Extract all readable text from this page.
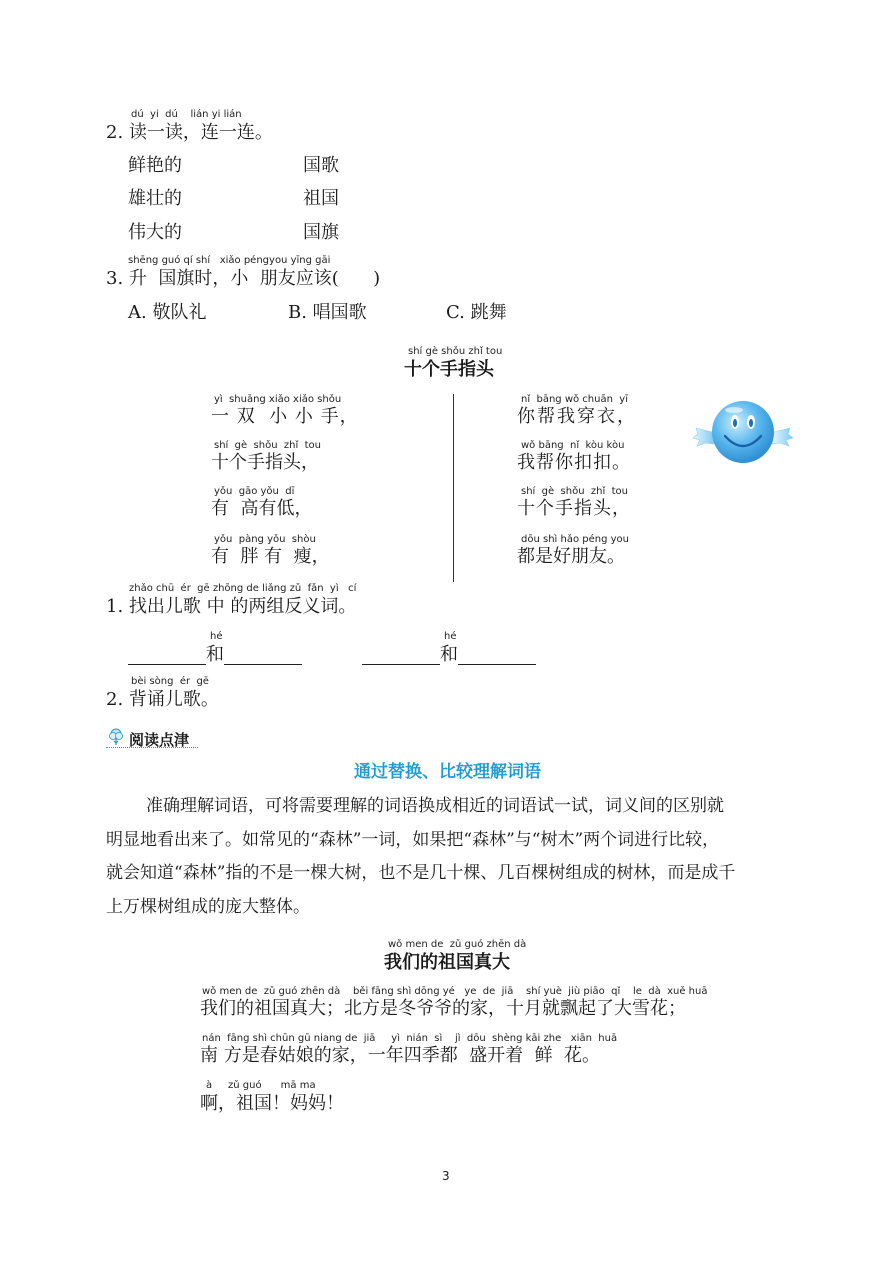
dú  yi  dú    lián yi lián
2. 读一读，连一连。
鲜艳的
雄壮的
伟大的
国歌
祖国
国旗
shēng guó qí shí   xiǎo péngyou yīng gāi
3. 升  国旗时，小  朋友应该(      )
A. 敬队礼	B. 唱国歌	C. 跳舞
shí gè shǒu zhǐ tou
十个手指头
yì  shuāng xiǎo xiǎo shǒu
一 双  小 小 手，
shí  gè  shǒu  zhǐ  tou
十个手指头，
yǒu  gāo yǒu  dī
有  高有低，
yǒu  pàng yǒu  shòu
有  胖 有  瘦，
nǐ  bāng wǒ chuān  yī
你帮我穿衣，
wǒ bāng  nǐ  kòu kòu
我帮你扣扣。
shí  gè  shǒu  zhǐ  tou
十个手指头，
dōu shì hǎo péng you
都是好朋友。
zhǎo chū  ér  gē zhōng de liǎng zǔ  fǎn  yì   cí
1. 找出儿歌 中 的两组反义词。
hé
和
hé
和
bèi sòng  ér  gē
2. 背诵儿歌。
阅读点津
通过替换、比较理解词语
准确理解词语，可将需要理解的词语换成相近的词语试一试，词义间的区别就
明显地看出来了。如常见的“森林”一词，如果把“森林”与“树木”两个词进行比较，
就会知道“森林”指的不是一棵大树，也不是几十棵、几百棵树组成的树林，而是成千
上万棵树组成的庞大整体。
wǒ men de  zǔ guó zhēn dà
我们的祖国真大
wǒ men de  zǔ guó zhēn dà    běi fāng shì dōng yé   ye  de  jiā    shí yuè  jiù piāo  qǐ    le  dà  xuě huā
我们的祖国真大；北方是冬爷爷的家，十月就飘起了大雪花；
nán  fāng shì chūn gū niang de  jiā     yì  nián  sì    jì  dōu  shèng kāi zhe   xiān  huā
南 方是春姑娘的家，一年四季都  盛开着  鲜  花。
à     zǔ guó      mā ma
啊，祖国！妈妈！
3
